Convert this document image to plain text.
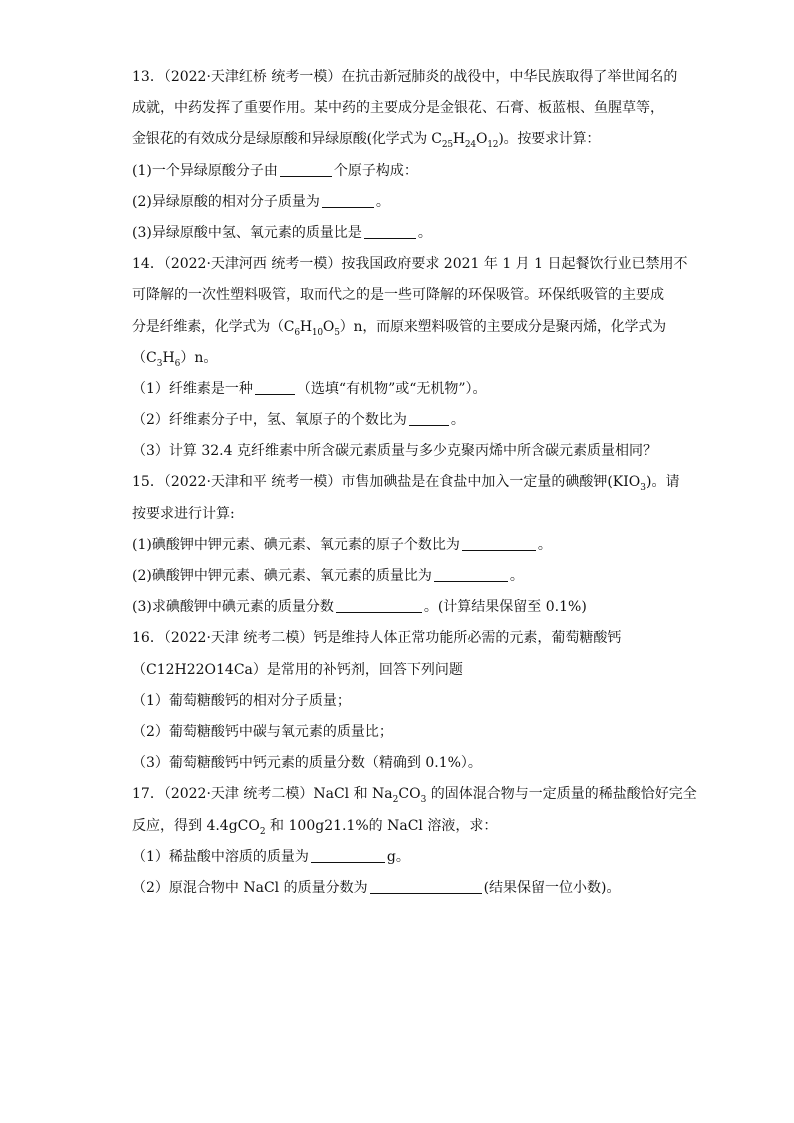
13．（2022·天津红桥 统考一模）在抗击新冠肺炎的战役中，中华民族取得了举世闻名的
成就，中药发挥了重要作用。某中药的主要成分是金银花、石膏、板蓝根、鱼腥草等，
金银花的有效成分是绿原酸和异绿原酸(化学式为 $C_{25}H_{24}O_{12}$)。按要求计算：
(1)一个异绿原酸分子由	个原子构成：
(2)异绿原酸的相对分子质量为	。
(3)异绿原酸中氢、氧元素的质量比是	。
14．（2022·天津河西 统考一模）按我国政府要求 2021 年 1 月 1 日起餐饮行业已禁用不
可降解的一次性塑料吸管，取而代之的是一些可降解的环保吸管。环保纸吸管的主要成
分是纤维素，化学式为$(C_6H_{10}O_5)n$，而原来塑料吸管的主要成分是聚丙烯，化学式为
$(C_3H_6)n$。
（1）纤维素是一种	（选填“有机物”或“无机物”）。
（2）纤维素分子中，氢、氧原子的个数比为	。
（3）计算 32.4 克纤维素中所含碳元素质量与多少克聚丙烯中所含碳元素质量相同？
15．（2022·天津和平 统考一模）市售加碘盐是在食盐中加入一定量的碘酸钾$(KIO_3)$。请
按要求进行计算:
(1)碘酸钾中钾元素、碘元素、氧元素的原子个数比为	。
(2)碘酸钾中钾元素、碘元素、氧元素的质量比为	。
(3)求碘酸钾中碘元素的质量分数	。(计算结果保留至 0.1%)
16．（2022·天津 统考二模）钙是维持人体正常功能所必需的元素，葡萄糖酸钙
（C12H22O14Ca）是常用的补钙剂，回答下列问题
（1）葡萄糖酸钙的相对分子质量；
（2）葡萄糖酸钙中碳与氧元素的质量比；
（3）葡萄糖酸钙中钙元素的质量分数（精确到 0.1%）。
17．（2022·天津 统考二模）NaCl 和 $Na_2CO_3$ 的固体混合物与一定质量的稀盐酸恰好完全
反应，得到 4.4gCO$_2$ 和 100g21.1%的 NaCl 溶液，求：
（1）稀盐酸中溶质的质量为	g。
（2）原混合物中 NaCl 的质量分数为	(结果保留一位小数)。
